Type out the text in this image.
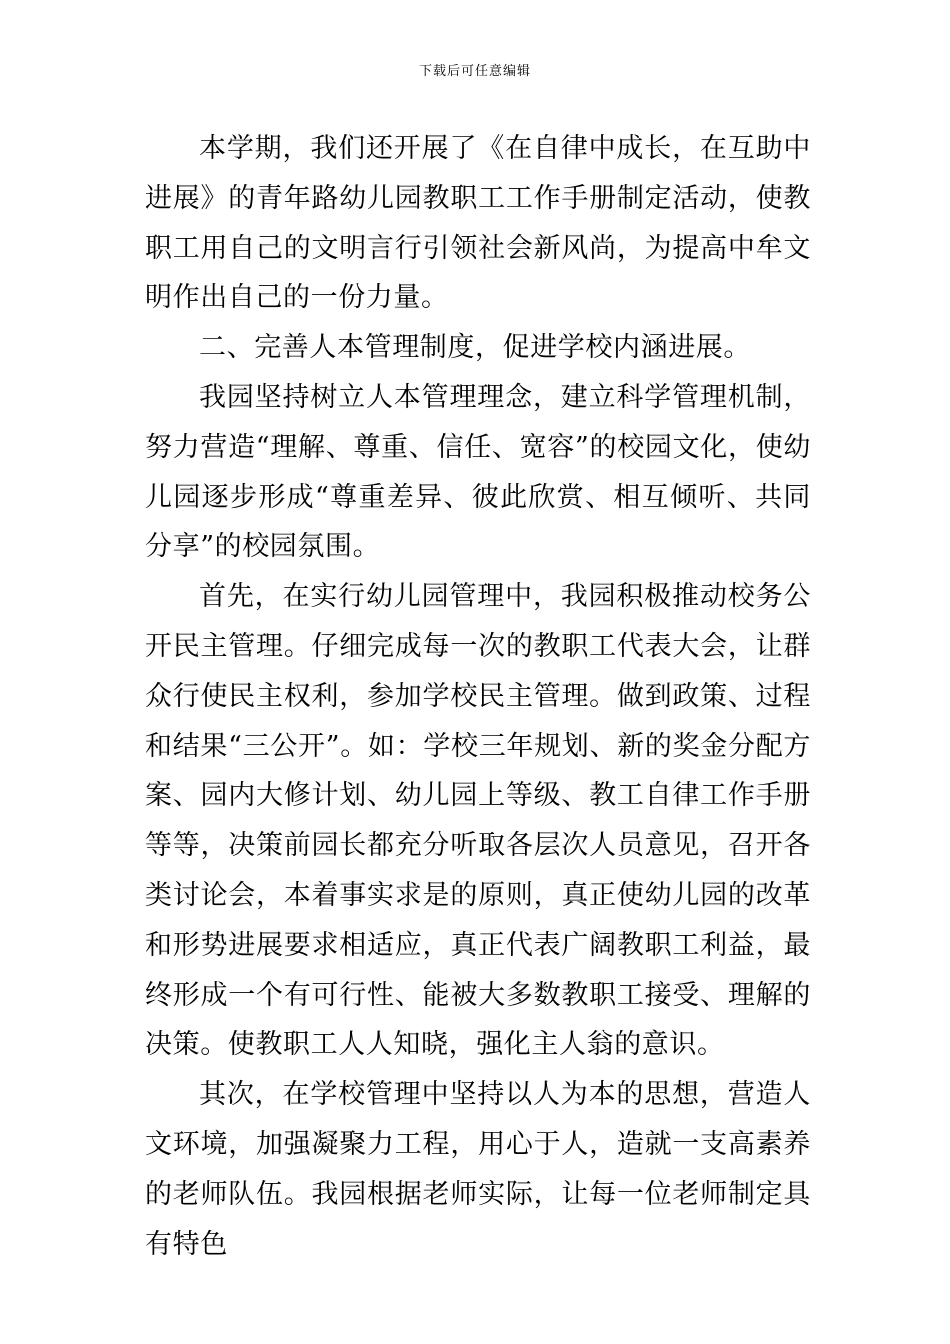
下载后可任意编辑

本学期，我们还开展了《在自律中成长，在互助中进展》的青年路幼儿园教职工工作手册制定活动，使教职工用自己的文明言行引领社会新风尚，为提高中牟文明作出自己的一份力量。

二、完善人本管理制度，促进学校内涵进展。

我园坚持树立人本管理理念，建立科学管理机制，努力营造“理解、尊重、信任、宽容”的校园文化，使幼儿园逐步形成“尊重差异、彼此欣赏、相互倾听、共同分享”的校园氛围。

首先，在实行幼儿园管理中，我园积极推动校务公开民主管理。仔细完成每一次的教职工代表大会，让群众行使民主权利，参加学校民主管理。做到政策、过程和结果“三公开”。如：学校三年规划、新的奖金分配方案、园内大修计划、幼儿园上等级、教工自律工作手册等等，决策前园长都充分听取各层次人员意见，召开各类讨论会，本着事实求是的原则，真正使幼儿园的改革和形势进展要求相适应，真正代表广阔教职工利益，最终形成一个有可行性、能被大多数教职工接受、理解的决策。使教职工人人知晓，强化主人翁的意识。

其次，在学校管理中坚持以人为本的思想，营造人文环境，加强凝聚力工程，用心于人，造就一支高素养的老师队伍。我园根据老师实际，让每一位老师制定具有特色
